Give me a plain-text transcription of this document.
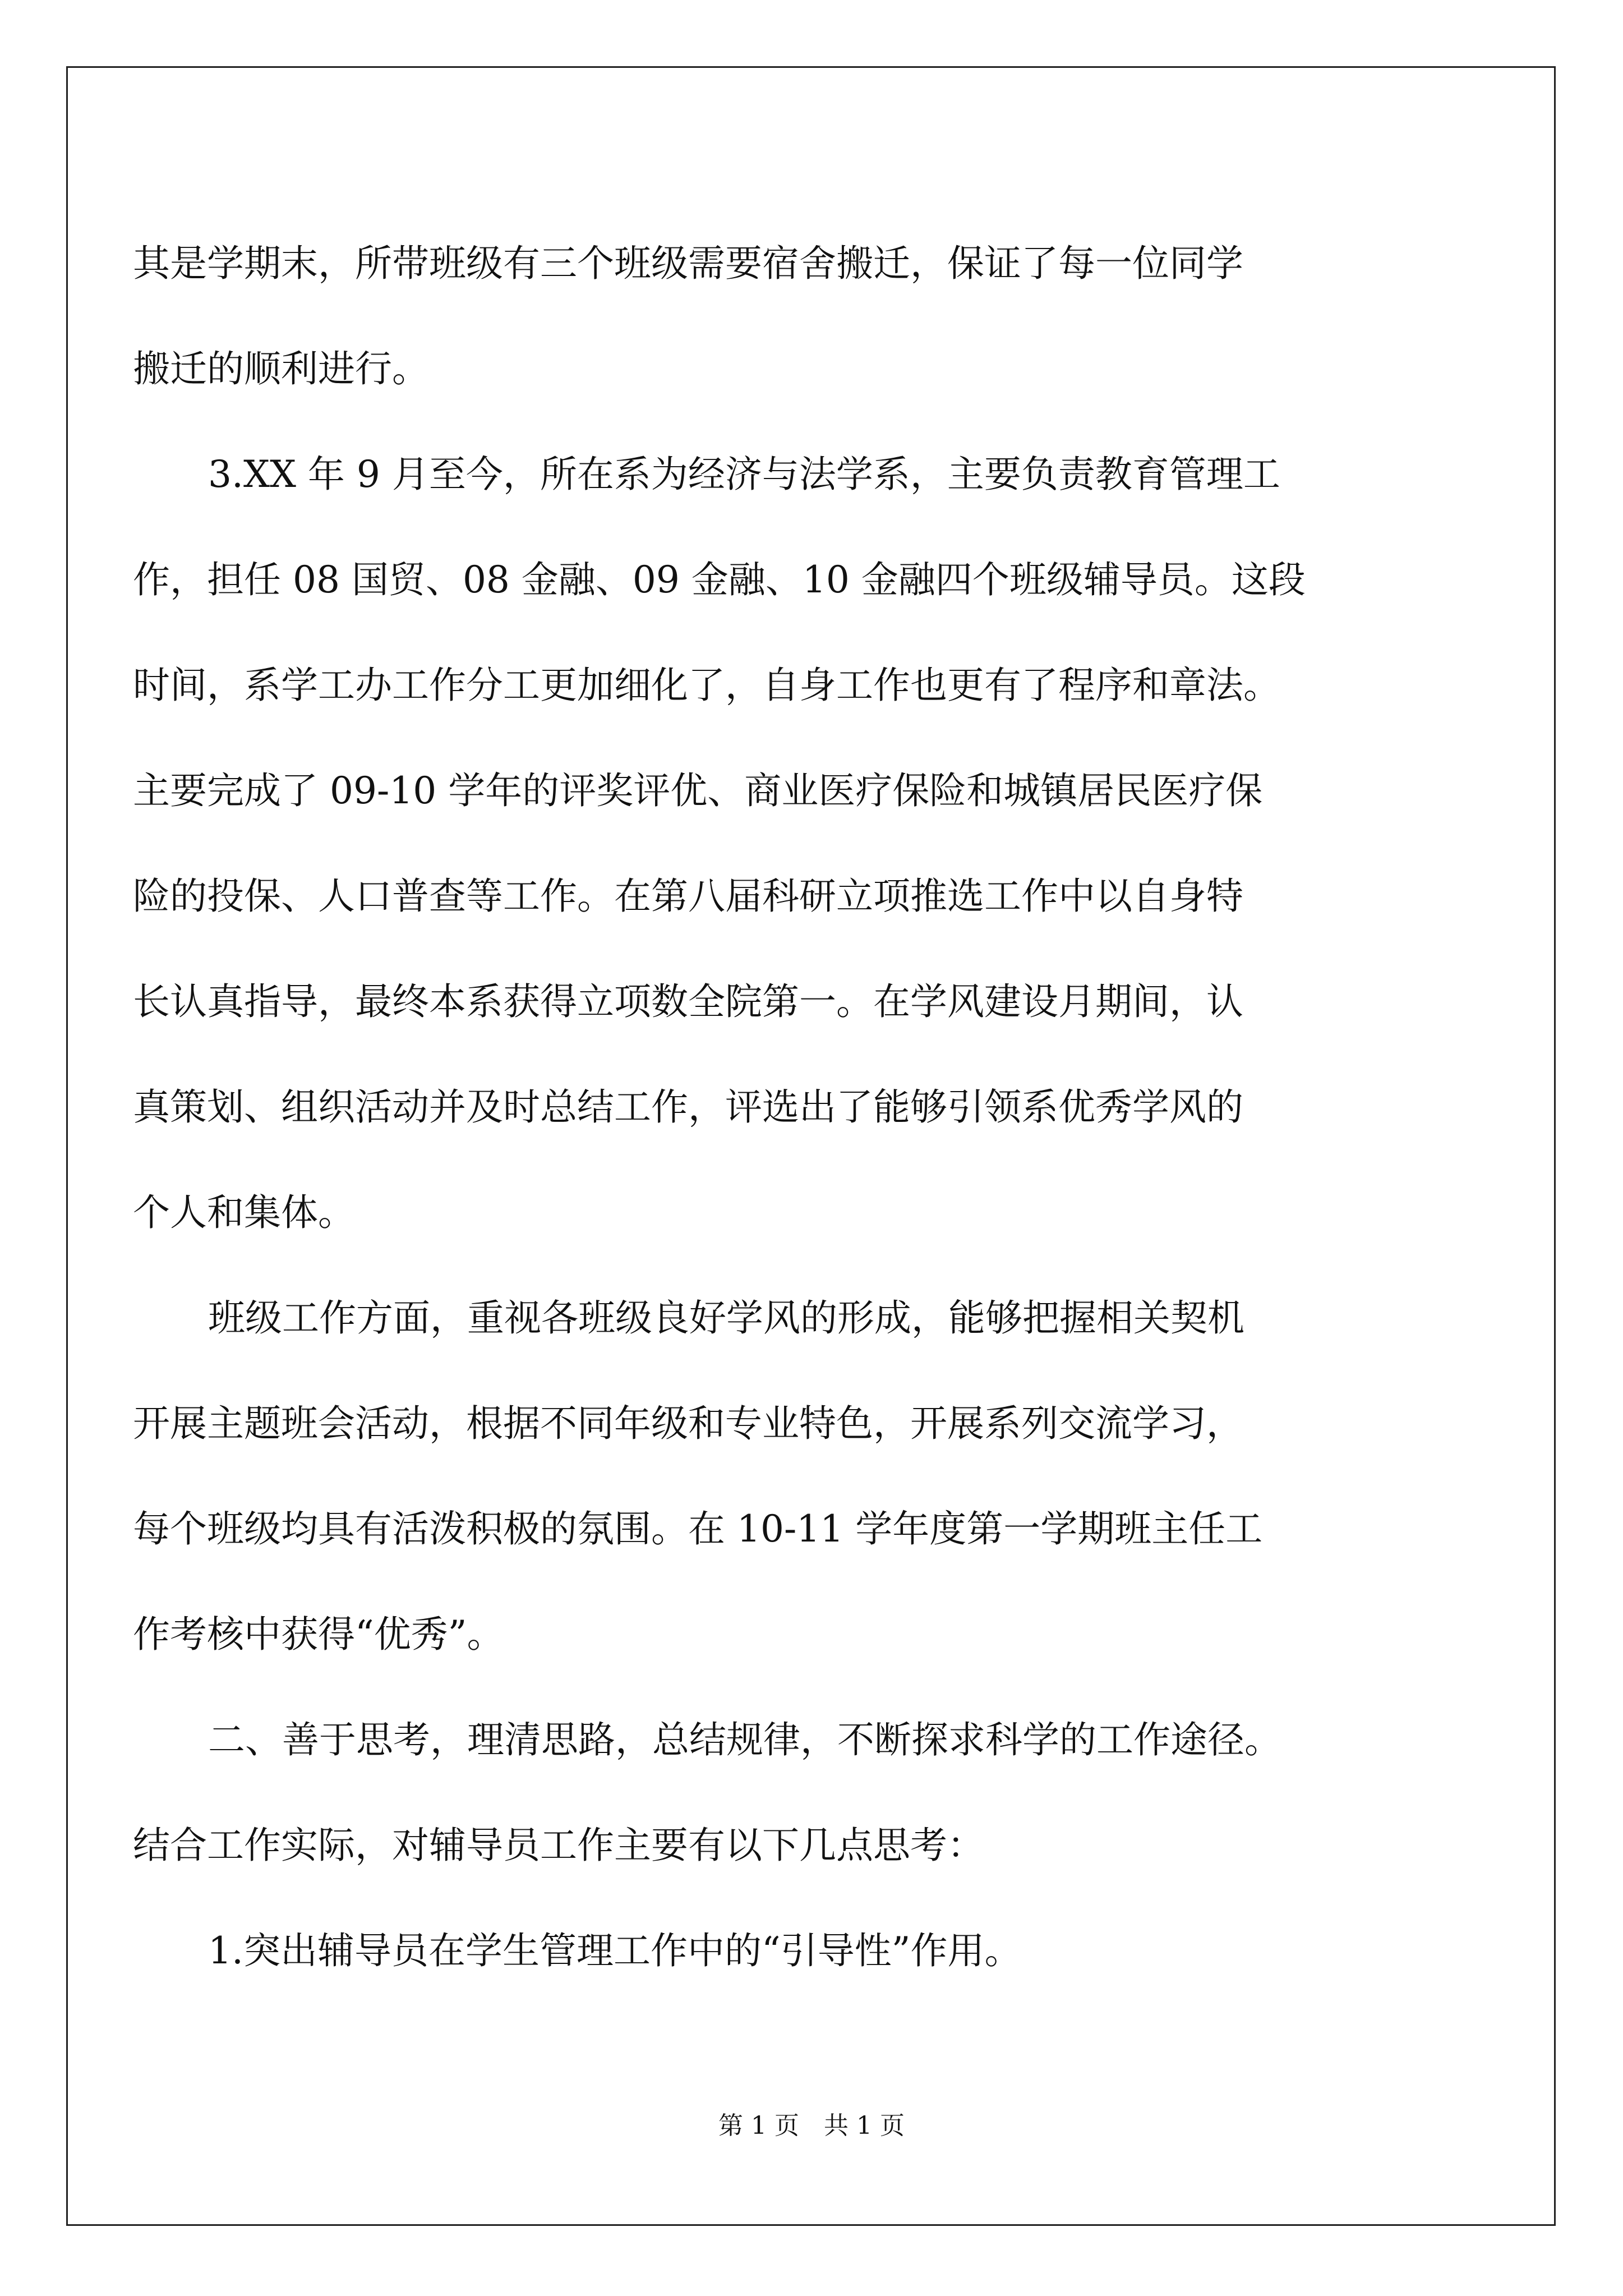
其是学期末，所带班级有三个班级需要宿舍搬迁，保证了每一位同学
搬迁的顺利进行。
3.XX 年 9 月至今，所在系为经济与法学系，主要负责教育管理工
作，担任 08 国贸、08 金融、09 金融、10 金融四个班级辅导员。这段
时间，系学工办工作分工更加细化了，自身工作也更有了程序和章法。
主要完成了 09-10 学年的评奖评优、商业医疗保险和城镇居民医疗保
险的投保、人口普查等工作。在第八届科研立项推选工作中以自身特
长认真指导，最终本系获得立项数全院第一。在学风建设月期间，认
真策划、组织活动并及时总结工作，评选出了能够引领系优秀学风的
个人和集体。
班级工作方面，重视各班级良好学风的形成，能够把握相关契机
开展主题班会活动，根据不同年级和专业特色，开展系列交流学习，
每个班级均具有活泼积极的氛围。在 10-11 学年度第一学期班主任工
作考核中获得“优秀”。
二、善于思考，理清思路，总结规律，不断探求科学的工作途径。
结合工作实际，对辅导员工作主要有以下几点思考：
1.突出辅导员在学生管理工作中的“引导性”作用。
第 1 页　共 1 页
